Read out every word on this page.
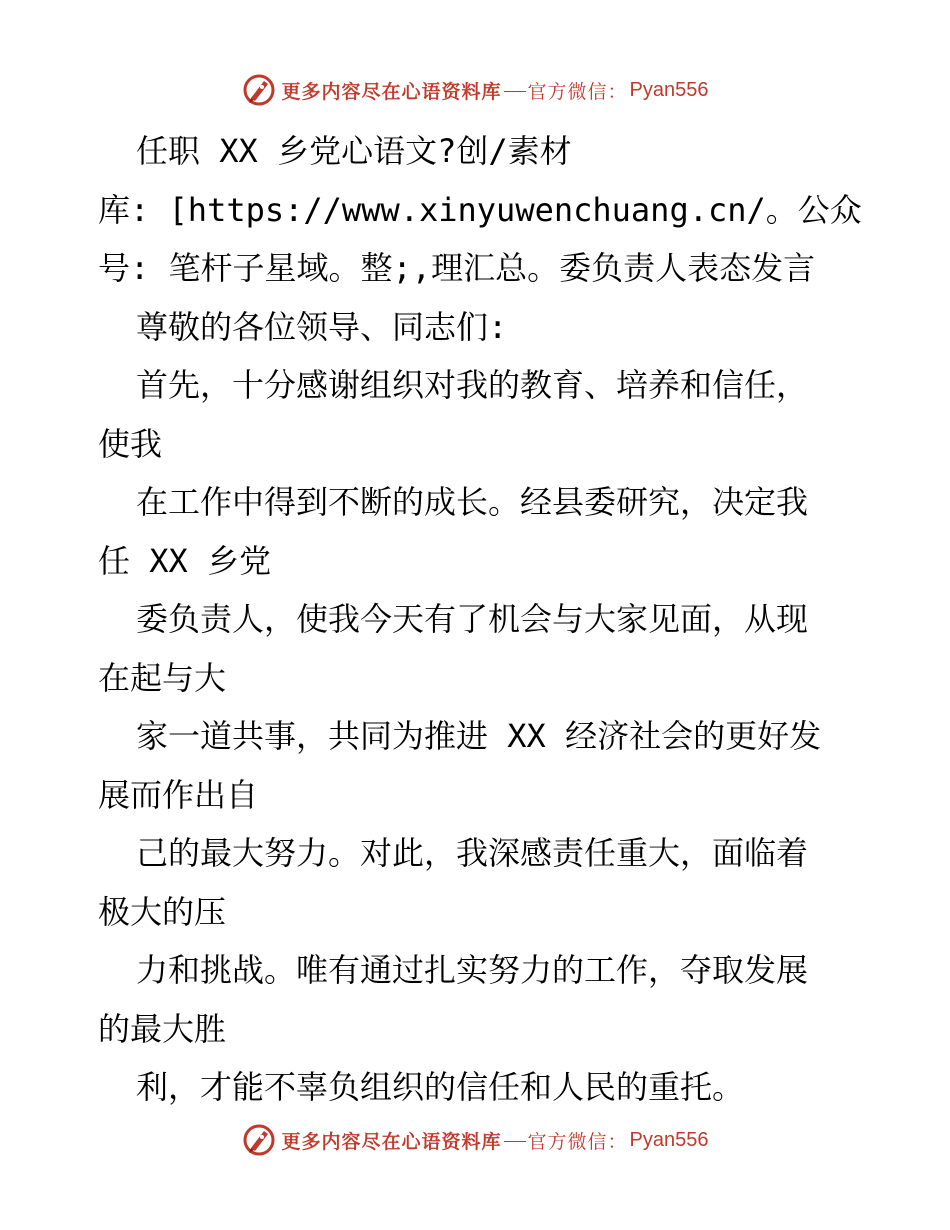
更多内容尽在心语资料库 官方微信： Pyan556
任职 XX 乡党心语文?创/素材
库: [https://www.xinyuwenchuang.cn/。公众
号: 笔杆子星域。整;,理汇总。委负责人表态发言
尊敬的各位领导、同志们:
首先，十分感谢组织对我的教育、培养和信任，
使我
在工作中得到不断的成长。经县委研究，决定我
任 XX 乡党
委负责人，使我今天有了机会与大家见面，从现
在起与大
家一道共事，共同为推进 XX 经济社会的更好发
展而作出自
己的最大努力。对此，我深感责任重大，面临着
极大的压
力和挑战。唯有通过扎实努力的工作，夺取发展
的最大胜
利，才能不辜负组织的信任和人民的重托。
更多内容尽在心语资料库 官方微信： Pyan556
